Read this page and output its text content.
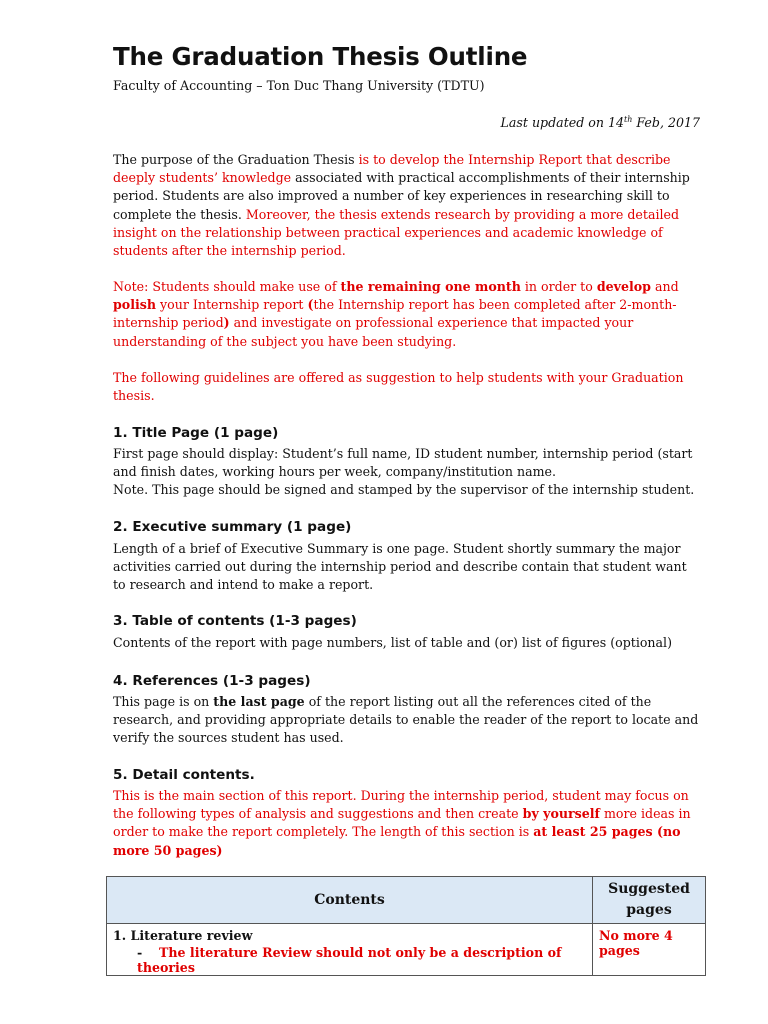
The Graduation Thesis Outline
Faculty of Accounting – Ton Duc Thang University (TDTU)
Last updated on 14th Feb, 2017
The purpose of the Graduation Thesis is to develop the Internship Report that describe deeply students’ knowledge associated with practical accomplishments of their internship period. Students are also improved a number of key experiences in researching skill to complete the thesis. Moreover, the thesis extends research by providing a more detailed insight on the relationship between practical experiences and academic knowledge of students after the internship period.
Note: Students should make use of the remaining one month in order to develop and polish your Internship report (the Internship report has been completed after 2-month-internship period) and investigate on professional experience that impacted your understanding of the subject you have been studying.
The following guidelines are offered as suggestion to help students with your Graduation thesis.
1. Title Page (1 page)
First page should display: Student’s full name, ID student number, internship period (start and finish dates, working hours per week, company/institution name.
Note. This page should be signed and stamped by the supervisor of the internship student.
2. Executive summary (1 page)
Length of a brief of Executive Summary is one page. Student shortly summary the major activities carried out during the internship period and describe contain that student want to research and intend to make a report.
3. Table of contents (1-3 pages)
Contents of the report with page numbers, list of table and (or) list of figures (optional)
4. References (1-3 pages)
This page is on the last page of the report listing out all the references cited of the research, and providing appropriate details to enable the reader of the report to locate and verify the sources student has used.
5. Detail contents.
This is the main section of this report. During the internship period, student may focus on the following types of analysis and suggestions and then create by yourself more ideas in order to make the report completely. The length of this section is at least 25 pages (no more 50 pages)
Contents	Suggested pages

1. Literature review
- The literature Review should not only be a description of theories	No more 4 pages
